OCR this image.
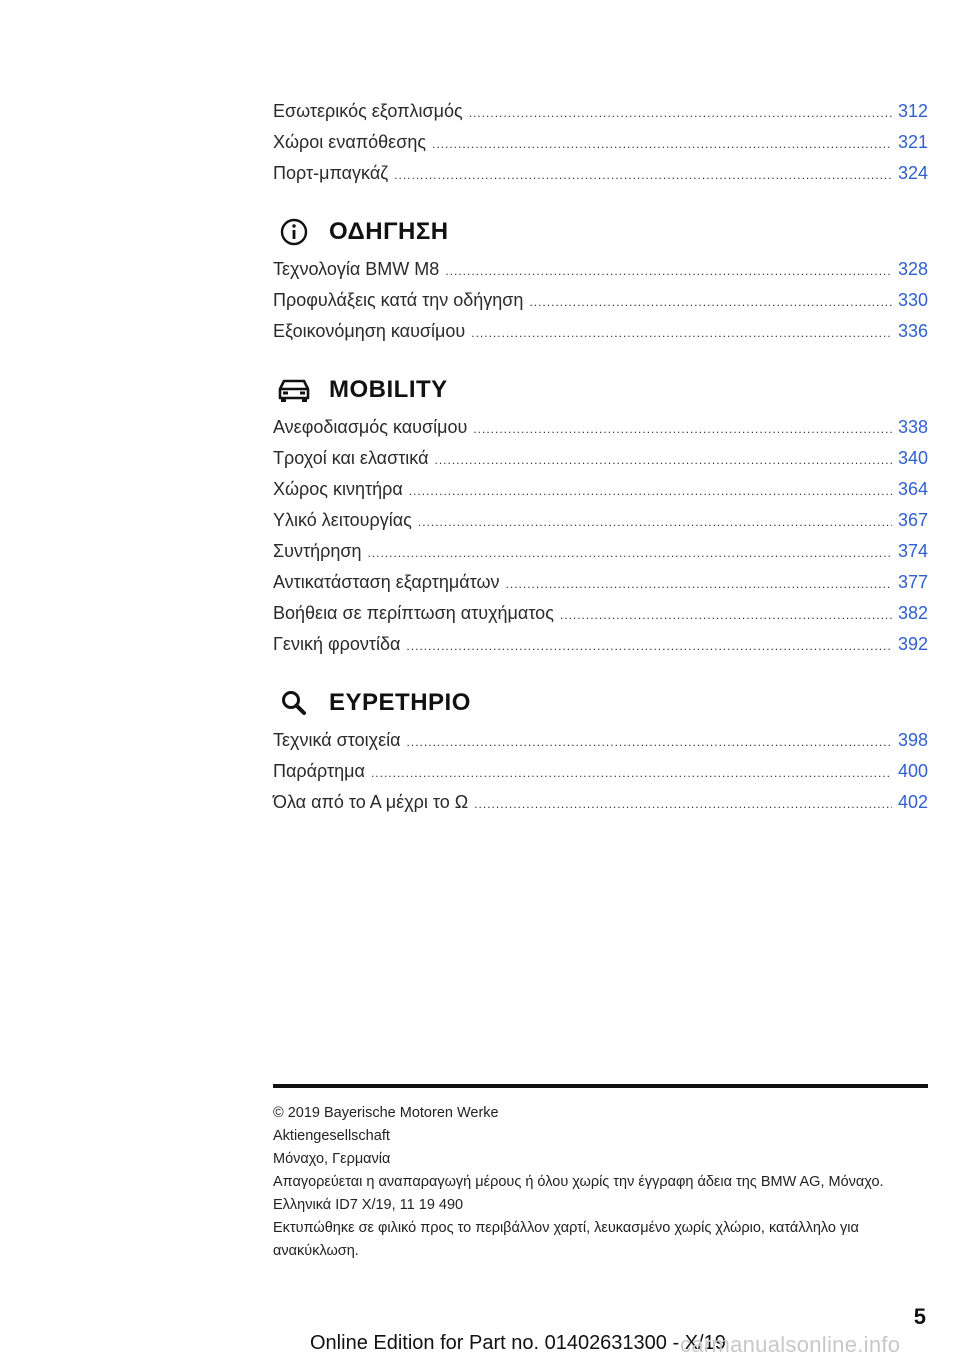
Εσωτερικός εξοπλισμός .....	312
Χώροι εναπόθεσης .....	321
Πορτ-μπαγκάζ .....	324
ΟΔΗΓΗΣΗ
Τεχνολογία BMW M8 .....	328
Προφυλάξεις κατά την οδήγηση .....	330
Εξοικονόμηση καυσίμου .....	336
MOBILITY
Ανεφοδιασμός καυσίμου .....	338
Τροχοί και ελαστικά .....	340
Χώρος κινητήρα .....	364
Υλικό λειτουργίας .....	367
Συντήρηση .....	374
Αντικατάσταση εξαρτημάτων .....	377
Βοήθεια σε περίπτωση ατυχήματος .....	382
Γενική φροντίδα .....	392
ΕΥΡΕΤΗΡΙΟ
Τεχνικά στοιχεία .....	398
Παράρτημα .....	400
Όλα από το Α μέχρι το Ω .....	402
© 2019 Bayerische Motoren Werke
Aktiengesellschaft
Μόναχο, Γερμανία
Απαγορεύεται η αναπαραγωγή μέρους ή όλου χωρίς την έγγραφη άδεια της BMW AG, Μόναχο.
Ελληνικά ID7 X/19, 11 19 490
Εκτυπώθηκε σε φιλικό προς το περιβάλλον χαρτί, λευκασμένο χωρίς χλώριο, κατάλληλο για ανακύκλωση.
5
Online Edition for Part no. 01402631300 - X/19
carmanualsonline.info
